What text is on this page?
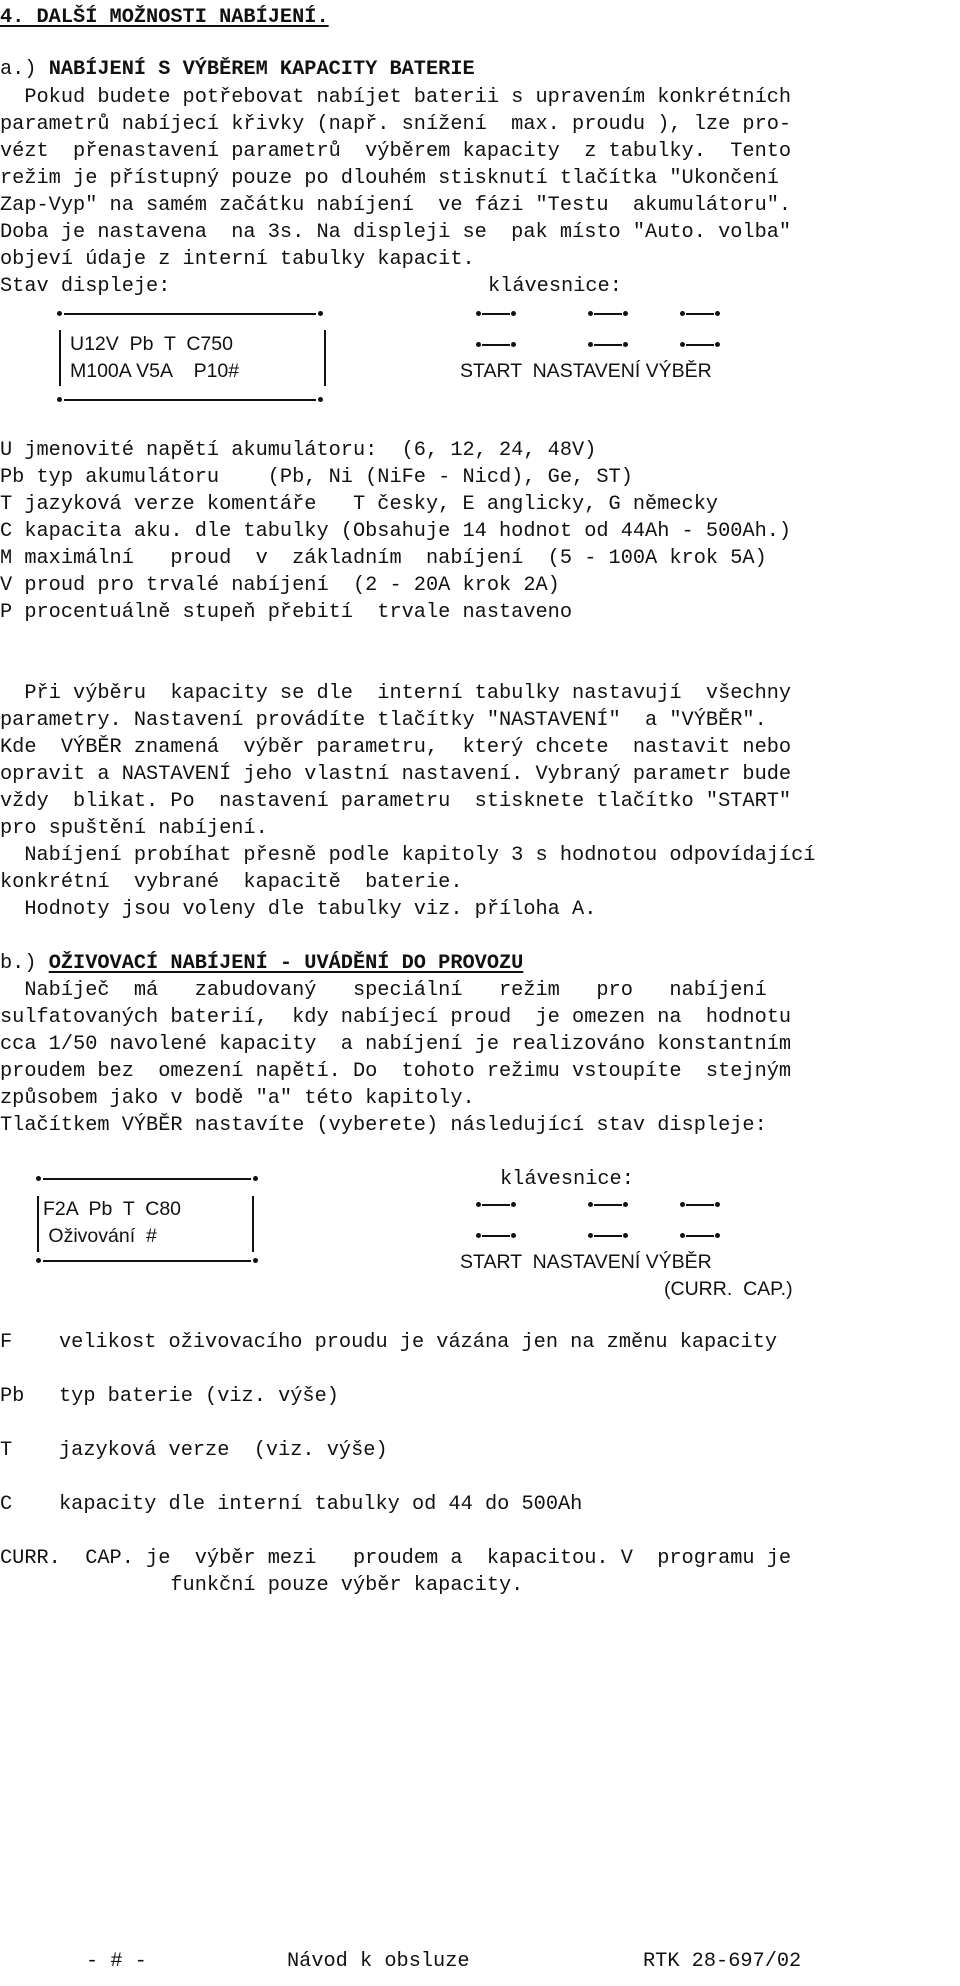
4. DALŠÍ MOŽNOSTI NABÍJENÍ.
a.) NABÍJENÍ S VÝBĚREM KAPACITY BATERIE
Pokud budete potřebovat nabíjet baterii s upravením konkrétních
parametrů nabíjecí křivky (např. snížení  max. proudu ), lze pro-
vézt  přenastavení parametrů  výběrem kapacity  z tabulky.  Tento
režim je přístupný pouze po dlouhém stisknutí tlačítka "Ukončení
Zap-Vyp" na samém začátku nabíjení  ve fázi "Testu  akumulátoru".
Doba je nastavena  na 3s. Na displeji se  pak místo "Auto. volba"
objeví údaje z interní tabulky kapacit.
Stav displeje:	klávesnice:
U12V  Pb  T  C750
M100A V5A    P10#	START  NASTAVENÍ VÝBĚR
U jmenovité napětí akumulátoru:  (6, 12, 24, 48V)
Pb typ akumulátoru    (Pb, Ni (NiFe - Nicd), Ge, ST)
T jazyková verze komentáře   T česky, E anglicky, G německy
C kapacita aku. dle tabulky (Obsahuje 14 hodnot od 44Ah - 500Ah.)
M maximální   proud  v  základním  nabíjení  (5 - 100A krok 5A)
V proud pro trvalé nabíjení  (2 - 20A krok 2A)
P procentuálně stupeň přebití  trvale nastaveno
Při výběru  kapacity se dle  interní tabulky nastavují  všechny
parametry. Nastavení provádíte tlačítky "NASTAVENÍ"  a "VÝBĚR".
Kde  VÝBĚR znamená  výběr parametru,  který chcete  nastavit nebo
opravit a NASTAVENÍ jeho vlastní nastavení. Vybraný parametr bude
vždy  blikat. Po  nastavení parametru  stisknete tlačítko "START"
pro spuštění nabíjení.
Nabíjení probíhat přesně podle kapitoly 3 s hodnotou odpovídající
konkrétní  vybrané  kapacitě  baterie.
Hodnoty jsou voleny dle tabulky viz. příloha A.
b.) OŽIVOVACÍ NABÍJENÍ - UVÁDĚNÍ DO PROVOZU
Nabíječ  má   zabudovaný   speciální   režim   pro   nabíjení
sulfatovaných baterií,  kdy nabíjecí proud  je omezen na  hodnotu
cca 1/50 navolené kapacity  a nabíjení je realizováno konstantním
proudem bez  omezení napětí. Do  tohoto režimu vstoupíte  stejným
způsobem jako v bodě "a" této kapitoly.
Tlačítkem VÝBĚR nastavíte (vyberete) následující stav displeje:
F2A  Pb  T  C80
Oživování  #
klávesnice:
START  NASTAVENÍ VÝBĚR
(CURR.  CAP.)
F velikost oživovacího proudu je vázána jen na změnu kapacity
Pb typ baterie (viz. výše)
T jazyková verze  (viz. výše)
C kapacity dle interní tabulky od 44 do 500Ah
CURR.  CAP. je  výběr mezi   proudem a  kapacitou. V  programu je
funkční pouze výběr kapacity.
- # -	Návod k obsluze	RTK 28-697/02
